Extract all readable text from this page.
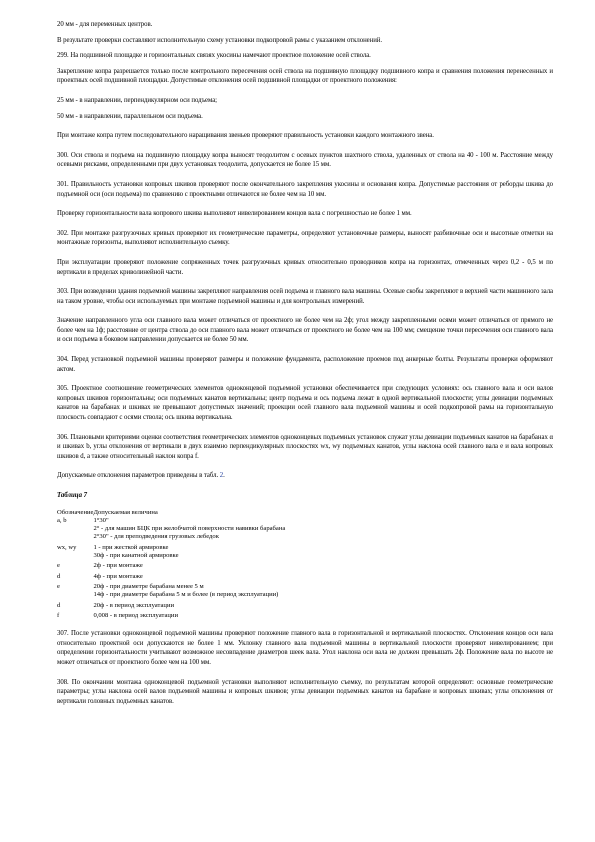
20 мм - для переменных центров.

В результате проверки составляют исполнительную схему установки подкопровой рамы с указанием отклонений.

299. На подшивной площадке и горизонтальных связях укосины намечают проектное положение осей ствола.

Закрепление копра разрешается только после контрольного пересечения осей ствола на подшивную площадку подшивного копра и сравнения положения перенесенных и проектных осей подшивной площадки. Допустимые отклонения осей подшивной площадки от проектного положения:

25 мм - в направлении, перпендикулярном оси подъема;

50 мм - в направлении, параллельном оси подъема.

При монтаже копра путем последовательного наращивания звеньев проверяют правильность установки каждого монтажного звена.

300. Оси ствола и подъема на подшивную площадку копра выносят теодолитом с осевых пунктов шахтного ствола, удаленных от ствола на 40 - 100 м. Расстояние между осевыми рисками, определенными при двух установках теодолита, допускается не более 15 мм.

301. Правильность установки копровых шкивов проверяют после окончательного закрепления укосины и основания копра. Допустимые расстояния от реборды шкива до подъемной оси (оси подъема) по сравнению с проектными отличаются не более чем на 10 мм.

Проверку горизонтальности вала копрового шкива выполняют нивелированием концов вала с погрешностью не более 1 мм.

302. При монтаже разгрузочных кривых проверяют их геометрические параметры, определяют установочные размеры, выносят разбивочные оси и высотные отметки на монтажные горизонты, выполняют исполнительную съемку.

При эксплуатации проверяют положение сопряженных точек разгрузочных кривых относительно проводников копра на горизонтах, отмеченных через 0,2 - 0,5 м по вертикали в пределах криволинейной части.

303. При возведении здания подъемной машины закрепляют направления осей подъема и главного вала машины. Осевые скобы закрепляют в верхней части машинного зала на таком уровне, чтобы оси используемых при монтаже подъемной машины и для контрольных измерений.

Значение направленного угла оси главного вала может отличаться от проектного не более чем на 2ф; угол между закрепленными осями может отличаться от прямого не более чем на 1ф; расстояние от центра ствола до оси главного вала может отличаться от проектного не более чем на 100 мм; смещение точки пересечения оси главного вала и оси подъема в боковом направлении допускается не более 50 мм.

304. Перед установкой подъемной машины проверяют размеры и положение фундамента, расположение проемов под анкерные болты. Результаты проверки оформляют актом.

305. Проектное соотношение геометрических элементов одноконцевой подъемной установки обеспечивается при следующих условиях: ось главного вала и оси валов копровых шкивов горизонтальны; оси подъемных канатов вертикальны; центр подъема и ось подъема лежат в одной вертикальной плоскости; углы девиации подъемных канатов на барабанах и шкивах не превышают допустимых значений; проекции осей главного вала подъемной машины и осей подкопровой рамы на горизонтальную плоскость совпадают с осями ствола; ось шкива вертикальна.

306. Плановыми критериями оценки соответствия геометрических элементов одноконцевых подъемных установок служат углы девиации подъемных канатов на барабанах α и шкивах b, углы отклонения от вертикали в двух взаимно перпендикулярных плоскостях wx, wy подъемных канатов, углы наклона осей главного вала е и вала копровых шкивов d, а также относительный наклон копра f.

Допускаемые отклонения параметров приведены в табл. 2.

Таблица 7

Обозначение	Допускаемая величина
a, b	1°30"
	2° - для машин БЦК при желобчатой поверхности навивки барабана
	2°30" - для преподведения грузовых лебедок
wx, wy	1 - при жесткой армировке
	30ф - при канатной армировке
e	2ф - при монтаже
d	4ф - при монтаже
e	20ф - при диаметре барабана менее 5 м
	14ф - при диаметре барабана 5 м и более (в период эксплуатации)
d	20ф - в период эксплуатации
f	0,008 - в период эксплуатации

307. После установки одноконцевой подъемной машины проверяют положение главного вала в горизонтальной и вертикальной плоскостях. Отклонения концов оси вала относительно проектной оси допускаются не более 1 мм. Уклонку главного вала подъемной машины в вертикальной плоскости проверяют нивелированием; при определении горизонтальности учитывают возможное несовпадение диаметров шеек вала. Угол наклона оси вала не должен превышать 2ф. Положение вала по высоте не может отличаться от проектного более чем на 100 мм.

308. По окончании монтажа одноконцевой подъемной установки выполняют исполнительную съемку, по результатам которой определяют: основные геометрические параметры; углы наклона осей валов подъемной машины и копровых шкивов; углы девиации подъемных канатов на барабане и копровых шкивах; углы отклонения от вертикали головных подъемных канатов.
